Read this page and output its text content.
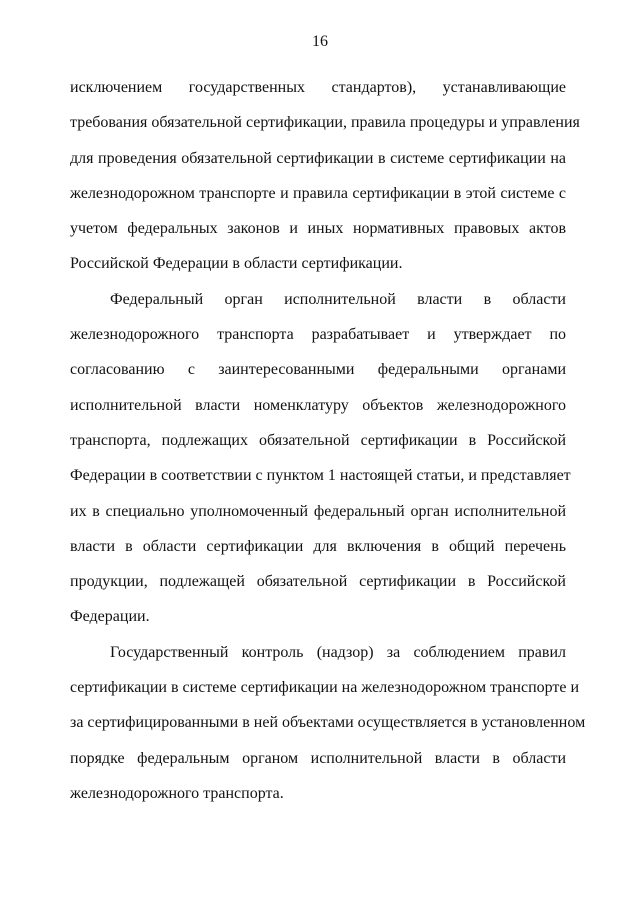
16
исключением государственных стандартов), устанавливающие
требования обязательной сертификации, правила процедуры и управления
для проведения обязательной сертификации в системе сертификации на
железнодорожном транспорте и правила сертификации в этой системе с
учетом федеральных законов и иных нормативных правовых актов
Российской Федерации в области сертификации.
Федеральный орган исполнительной власти в области
железнодорожного транспорта разрабатывает и утверждает по
согласованию с заинтересованными федеральными органами
исполнительной власти номенклатуру объектов железнодорожного
транспорта, подлежащих обязательной сертификации в Российской
Федерации в соответствии с пунктом 1 настоящей статьи, и представляет
их в специально уполномоченный федеральный орган исполнительной
власти в области сертификации для включения в общий перечень
продукции, подлежащей обязательной сертификации в Российской
Федерации.
Государственный контроль (надзор) за соблюдением правил
сертификации в системе сертификации на железнодорожном транспорте и
за сертифицированными в ней объектами осуществляется в установленном
порядке федеральным органом исполнительной власти в области
железнодорожного транспорта.
